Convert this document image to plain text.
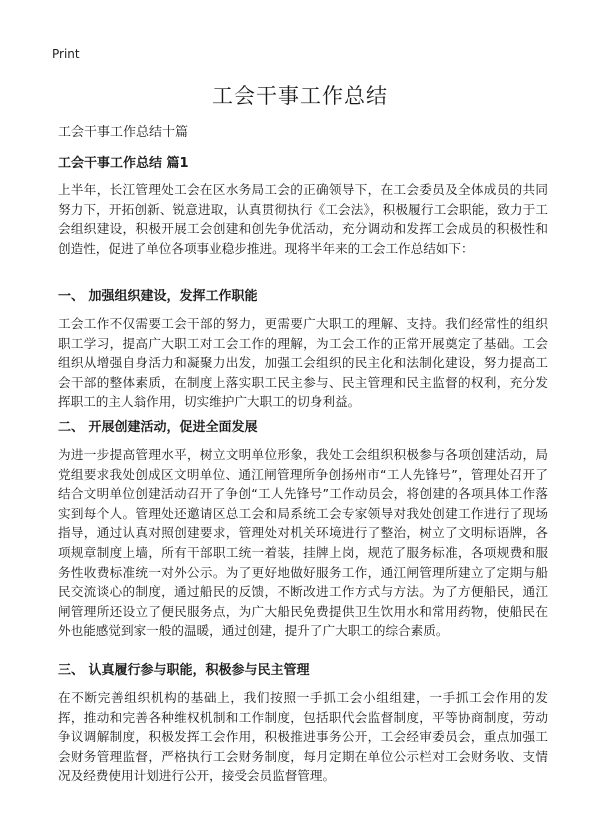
Print
工会干事工作总结

工会干事工作总结十篇

工会干事工作总结 篇1

上半年，长江管理处工会在区水务局工会的正确领导下，在工会委员及全体成员的共同努力下，开拓创新、锐意进取，认真贯彻执行《工会法》，积极履行工会职能，致力于工会组织建设，积极开展工会创建和创先争优活动，充分调动和发挥工会成员的积极性和创造性，促进了单位各项事业稳步推进。现将半年来的工会工作总结如下：

一、 加强组织建设，发挥工作职能

工会工作不仅需要工会干部的努力，更需要广大职工的理解、支持。我们经常性的组织职工学习，提高广大职工对工会工作的理解，为工会工作的正常开展奠定了基础。工会组织从增强自身活力和凝聚力出发，加强工会组织的民主化和法制化建设，努力提高工会干部的整体素质，在制度上落实职工民主参与、民主管理和民主监督的权利，充分发挥职工的主人翁作用，切实维护广大职工的切身利益。

二、 开展创建活动，促进全面发展

为进一步提高管理水平，树立文明单位形象，我处工会组织积极参与各项创建活动，局党组要求我处创成区文明单位、通江闸管理所争创扬州市“工人先锋号”，管理处召开了结合文明单位创建活动召开了争创“工人先锋号”工作动员会，将创建的各项具体工作落实到每个人。管理处还邀请区总工会和局系统工会专家领导对我处创建工作进行了现场指导，通过认真对照创建要求，管理处对机关环境进行了整治，树立了文明标语牌，各项规章制度上墙，所有干部职工统一着装，挂牌上岗，规范了服务标准，各项规费和服务性收费标准统一对外公示。为了更好地做好服务工作，通江闸管理所建立了定期与船民交流谈心的制度，通过船民的反馈，不断改进工作方式与方法。为了方便船民，通江闸管理所还设立了便民服务点，为广大船民免费提供卫生饮用水和常用药物，使船民在外也能感觉到家一般的温暖，通过创建，提升了广大职工的综合素质。

三、 认真履行参与职能，积极参与民主管理

在不断完善组织机构的基础上，我们按照一手抓工会小组组建，一手抓工会作用的发挥，推动和完善各种维权机制和工作制度，包括职代会监督制度，平等协商制度，劳动争议调解制度，积极发挥工会作用，积极推进事务公开，工会经审委员会，重点加强工会财务管理监督，严格执行工会财务制度，每月定期在单位公示栏对工会财务收、支情况及经费使用计划进行公开，接受会员监督管理。
